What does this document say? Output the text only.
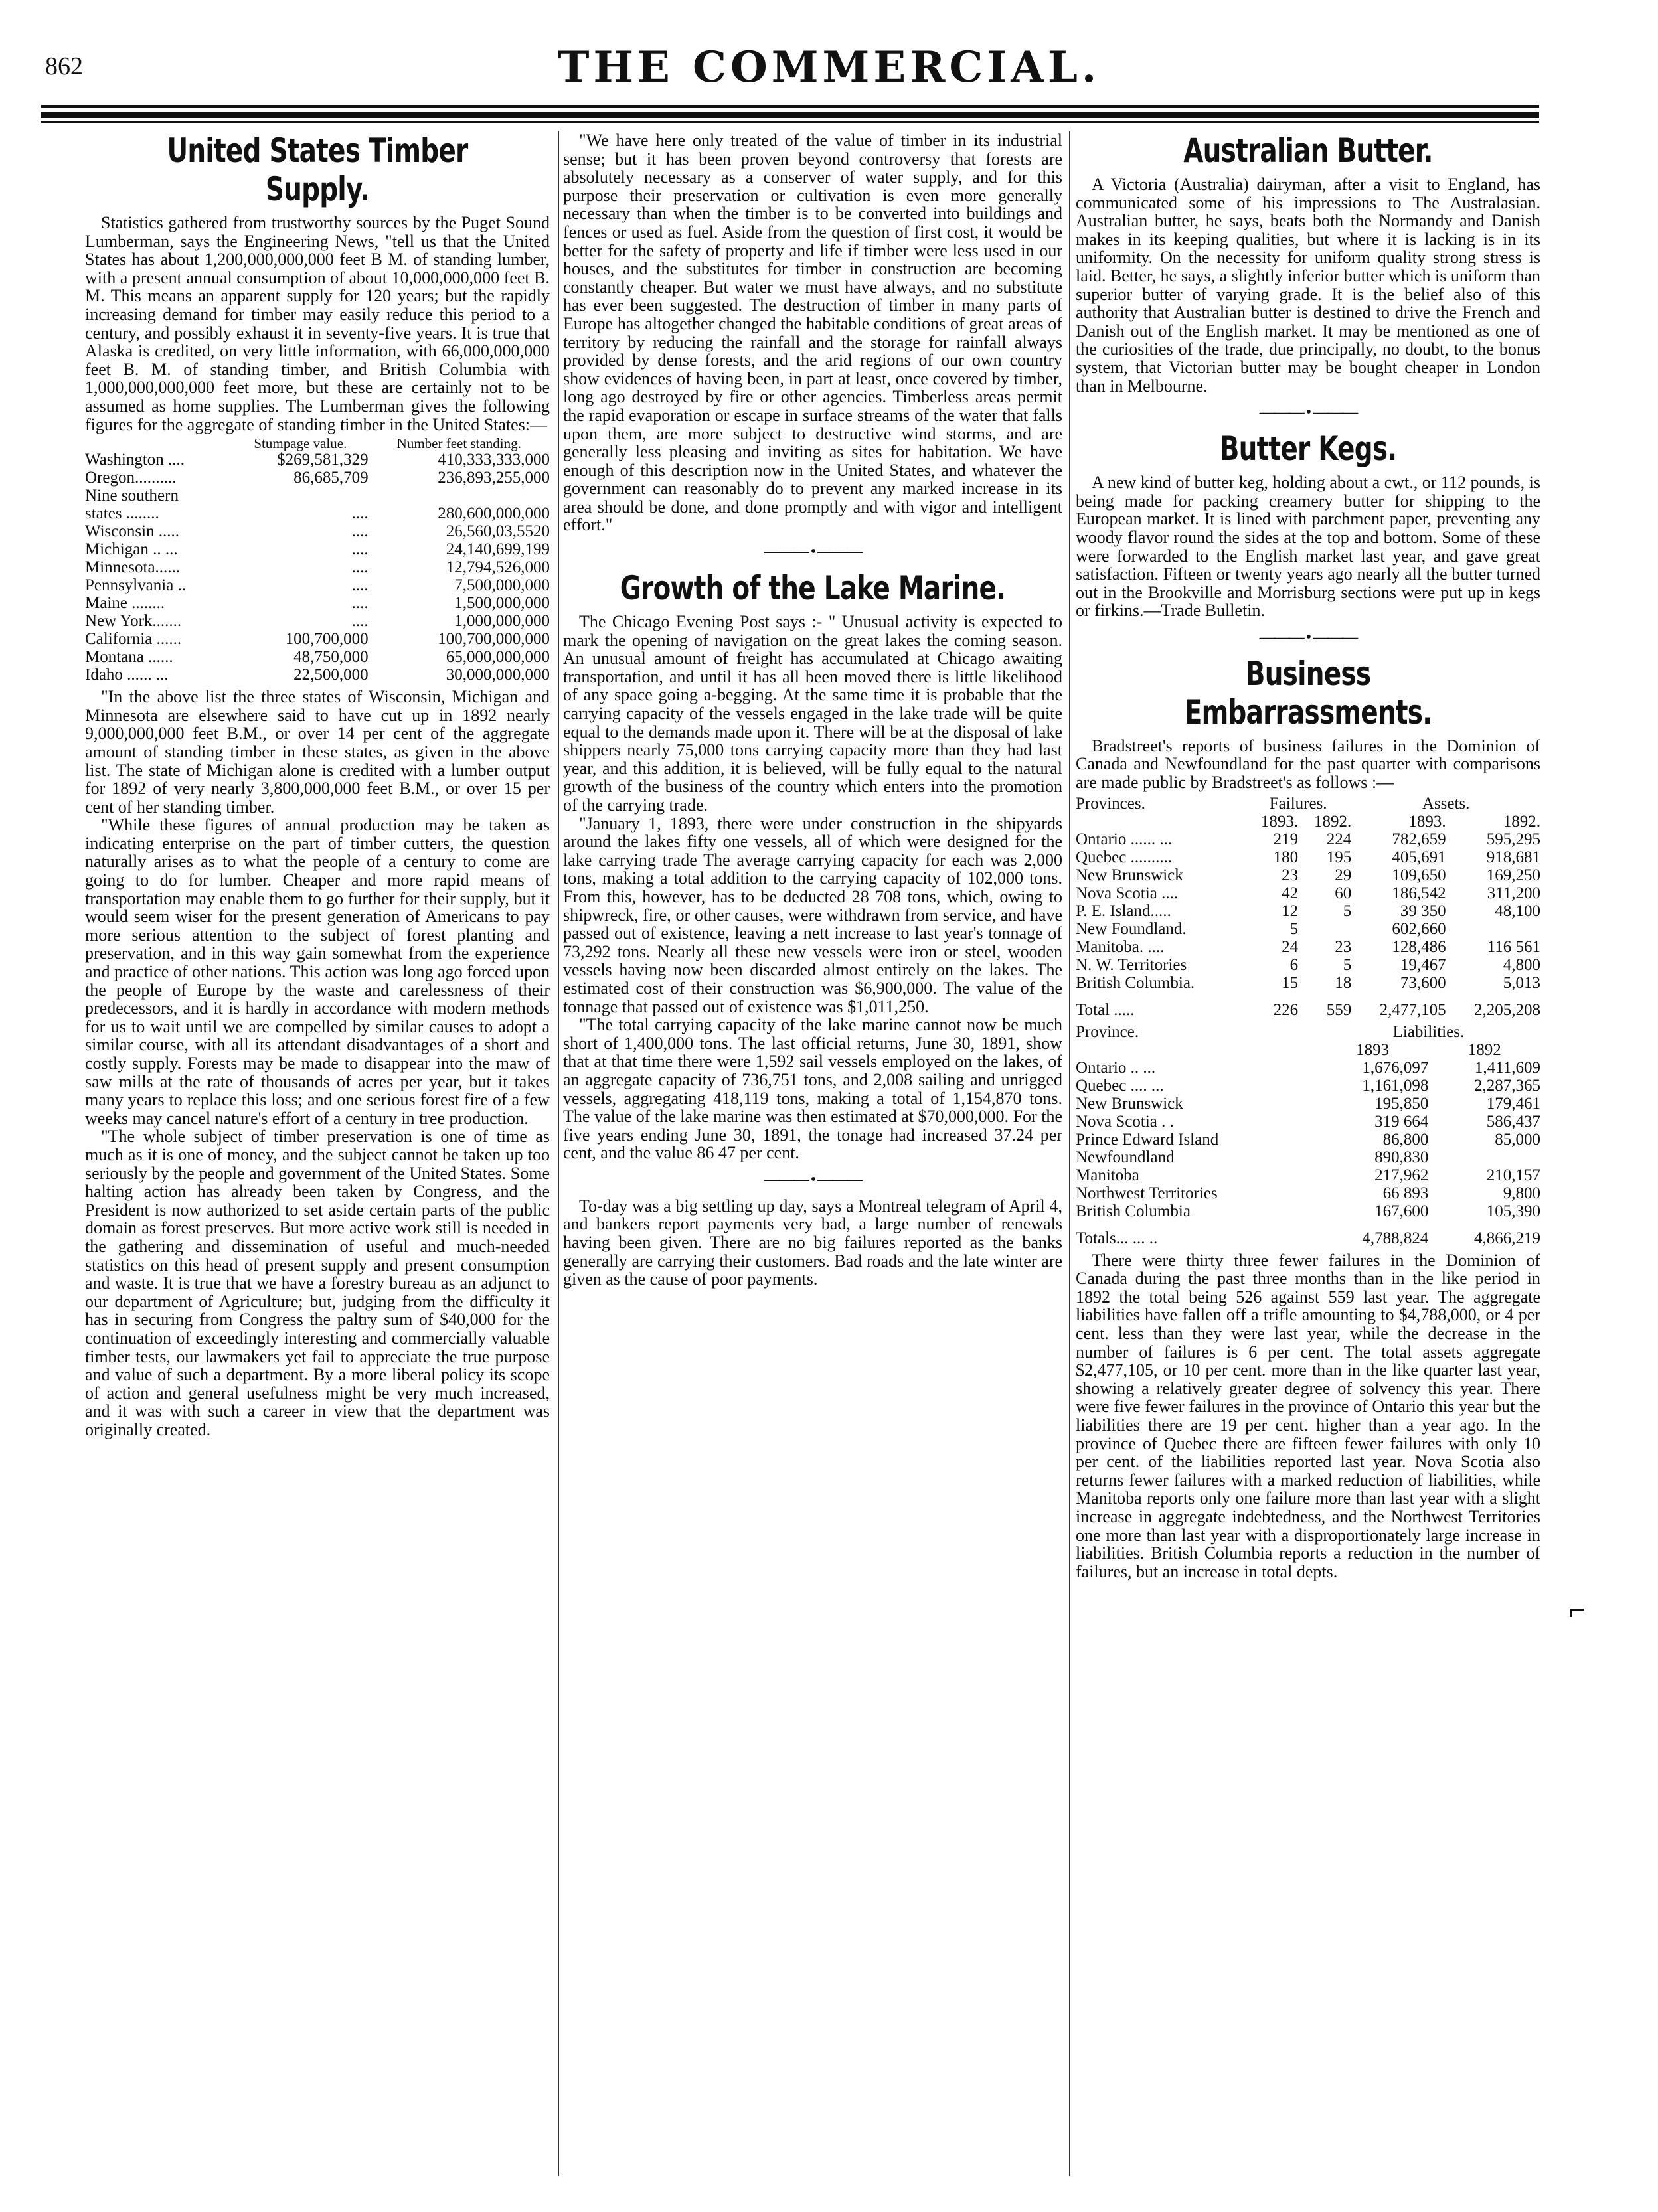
862	THE COMMERCIAL.
United States Timber Supply.

Statistics gathered from trustworthy sources by the Puget Sound Lumberman, says the Engineering News, "tell us that the United States has about 1,200,000,000,000 feet B M. of standing lumber, with a present annual consumption of about 10,000,000,000 feet B. M. This means an apparent supply for 120 years; but the rapidly increasing demand for timber may easily reduce this period to a century, and possibly exhaust it in seventy-five years. It is true that Alaska is credited, on very little information, with 66,000,000,000 feet B. M. of standing timber, and British Columbia with 1,000,000,000,000 feet more, but these are certainly not to be assumed as home supplies. The Lumberman gives the following figures for the aggregate of standing timber in the United States:—

	Stumpage value.	Number feet standing.
Washington ....	$269,581,329	410,333,333,000
Oregon..........	86,685,709	236,893,255,000
Nine southern		
states ........	....	280,600,000,000
Wisconsin .....	....	26,560,03,5520
Michigan .. ...	....	24,140,699,199
Minnesota......	....	12,794,526,000
Pennsylvania ..	....	7,500,000,000
Maine ........	....	1,500,000,000
New York.......	....	1,000,000,000
California ......	100,700,000	100,700,000,000
Montana ......	48,750,000	65,000,000,000
Idaho ...... ...	22,500,000	30,000,000,000

"In the above list the three states of Wisconsin, Michigan and Minnesota are elsewhere said to have cut up in 1892 nearly 9,000,000,000 feet B.M., or over 14 per cent of the aggregate amount of standing timber in these states, as given in the above list. The state of Michigan alone is credited with a lumber output for 1892 of very nearly 3,800,000,000 feet B.M., or over 15 per cent of her standing timber.

"While these figures of annual production may be taken as indicating enterprise on the part of timber cutters, the question naturally arises as to what the people of a century to come are going to do for lumber. Cheaper and more rapid means of transportation may enable them to go further for their supply, but it would seem wiser for the present generation of Americans to pay more serious attention to the subject of forest planting and preservation, and in this way gain somewhat from the experience and practice of other nations. This action was long ago forced upon the people of Europe by the waste and carelessness of their predecessors, and it is hardly in accordance with modern methods for us to wait until we are compelled by similar causes to adopt a similar course, with all its attendant disadvantages of a short and costly supply. Forests may be made to disappear into the maw of saw mills at the rate of thousands of acres per year, but it takes many years to replace this loss; and one serious forest fire of a few weeks may cancel nature's effort of a century in tree production.

"The whole subject of timber preservation is one of time as much as it is one of money, and the subject cannot be taken up too seriously by the people and government of the United States. Some halting action has already been taken by Congress, and the President is now authorized to set aside certain parts of the public domain as forest preserves. But more active work still is needed in the gathering and dissemination of useful and much-needed statistics on this head of present supply and present consumption and waste. It is true that we have a forestry bureau as an adjunct to our department of Agriculture; but, judging from the difficulty it has in securing from Congress the paltry sum of $40,000 for the continuation of exceedingly interesting and commercially valuable timber tests, our lawmakers yet fail to appreciate the true purpose and value of such a department. By a more liberal policy its scope of action and general usefulness might be very much increased, and it was with such a career in view that the department was originally created.

"We have here only treated of the value of timber in its industrial sense; but it has been proven beyond controversy that forests are absolutely necessary as a conserver of water supply, and for this purpose their preservation or cultivation is even more generally necessary than when the timber is to be converted into buildings and fences or used as fuel. Aside from the question of first cost, it would be better for the safety of property and life if timber were less used in our houses, and the substitutes for timber in construction are becoming constantly cheaper. But water we must have always, and no substitute has ever been suggested. The destruction of timber in many parts of Europe has altogether changed the habitable conditions of great areas of territory by reducing the rainfall and the storage for rainfall always provided by dense forests, and the arid regions of our own country show evidences of having been, in part at least, once covered by timber, long ago destroyed by fire or other agencies. Timberless areas permit the rapid evaporation or escape in surface streams of the water that falls upon them, are more subject to destructive wind storms, and are generally less pleasing and inviting as sites for habitation. We have enough of this description now in the United States, and whatever the government can reasonably do to prevent any marked increase in its area should be done, and done promptly and with vigor and intelligent effort."

——— • ———
Growth of the Lake Marine.

The Chicago Evening Post says :- " Unusual activity is expected to mark the opening of navigation on the great lakes the coming season. An unusual amount of freight has accumulated at Chicago awaiting transportation, and until it has all been moved there is little likelihood of any space going a-begging. At the same time it is probable that the carrying capacity of the vessels engaged in the lake trade will be quite equal to the demands made upon it. There will be at the disposal of lake shippers nearly 75,000 tons carrying capacity more than they had last year, and this addition, it is believed, will be fully equal to the natural growth of the business of the country which enters into the promotion of the carrying trade.

"January 1, 1893, there were under construction in the shipyards around the lakes fifty one vessels, all of which were designed for the lake carrying trade The average carrying capacity for each was 2,000 tons, making a total addition to the carrying capacity of 102,000 tons. From this, however, has to be deducted 28 708 tons, which, owing to shipwreck, fire, or other causes, were withdrawn from service, and have passed out of existence, leaving a nett increase to last year's tonnage of 73,292 tons. Nearly all these new vessels were iron or steel, wooden vessels having now been discarded almost entirely on the lakes. The estimated cost of their construction was $6,900,000. The value of the tonnage that passed out of existence was $1,011,250.

"The total carrying capacity of the lake marine cannot now be much short of 1,400,000 tons. The last official returns, June 30, 1891, show that at that time there were 1,592 sail vessels employed on the lakes, of an aggregate capacity of 736,751 tons, and 2,008 sailing and unrigged vessels, aggregating 418,119 tons, making a total of 1,154,870 tons. The value of the lake marine was then estimated at $70,000,000. For the five years ending June 30, 1891, the tonage had increased 37.24 per cent, and the value 86 47 per cent.

——— • ———

To-day was a big settling up day, says a Montreal telegram of April 4, and bankers report payments very bad, a large number of renewals having been given. There are no big failures reported as the banks generally are carrying their customers. Bad roads and the late winter are given as the cause of poor payments.

Australian Butter.

A Victoria (Australia) dairyman, after a visit to England, has communicated some of his impressions to The Australasian. Australian butter, he says, beats both the Normandy and Danish makes in its keeping qualities, but where it is lacking is in its uniformity. On the necessity for uniform quality strong stress is laid. Better, he says, a slightly inferior butter which is uniform than superior butter of varying grade. It is the belief also of this authority that Australian butter is destined to drive the French and Danish out of the English market. It may be mentioned as one of the curiosities of the trade, due principally, no doubt, to the bonus system, that Victorian butter may be bought cheaper in London than in Melbourne.

——— • ———
Butter Kegs.

A new kind of butter keg, holding about a cwt., or 112 pounds, is being made for packing creamery butter for shipping to the European market. It is lined with parchment paper, preventing any woody flavor round the sides at the top and bottom. Some of these were forwarded to the English market last year, and gave great satisfaction. Fifteen or twenty years ago nearly all the butter turned out in the Brookville and Morrisburg sections were put up in kegs or firkins.—Trade Bulletin.

——— • ———
Business Embarrassments.

Bradstreet's reports of business failures in the Dominion of Canada and Newfoundland for the past quarter with comparisons are made public by Bradstreet's as follows :—

Provinces.	Failures.		Assets.	
	1893.	1892.	1893.	1892.
Ontario ...... ...	219	224	782,659	595,295
Quebec ..........	180	195	405,691	918,681
New Brunswick	23	29	109,650	169,250
Nova Scotia ....	42	60	186,542	311,200
P. E. Island.....	12	5	39 350	48,100
New Foundland.	5		602,660	
Manitoba. ....	24	23	128,486	116 561
N. W. Territories	6	5	19,467	4,800
British Columbia.	15	18	73,600	5,013

Total .....	226	559	2,477,105	2,205,208
Province.	Liabilities.	
	1893	1892
Ontario .. ...	1,676,097	1,411,609
Quebec .... ...	1,161,098	2,287,365
New Brunswick	195,850	179,461
Nova Scotia . .	319 664	586,437
Prince Edward Island	86,800	85,000
Newfoundland	890,830	
Manitoba	217,962	210,157
Northwest Territories	66 893	9,800
British Columbia	167,600	105,390

Totals... ... ..	4,788,824	4,866,219

There were thirty three fewer failures in the Dominion of Canada during the past three months than in the like period in 1892 the total being 526 against 559 last year. The aggregate liabilities have fallen off a trifle amounting to $4,788,000, or 4 per cent. less than they were last year, while the decrease in the number of failures is 6 per cent. The total assets aggregate $2,477,105, or 10 per cent. more than in the like quarter last year, showing a relatively greater degree of solvency this year. There were five fewer failures in the province of Ontario this year but the liabilities there are 19 per cent. higher than a year ago. In the province of Quebec there are fifteen fewer failures with only 10 per cent. of the liabilities reported last year. Nova Scotia also returns fewer failures with a marked reduction of liabilities, while Manitoba reports only one failure more than last year with a slight increase in aggregate indebtedness, and the Northwest Territories one more than last year with a disproportionately large increase in liabilities. British Columbia reports a reduction in the number of failures, but an increase in total depts.

⌐
